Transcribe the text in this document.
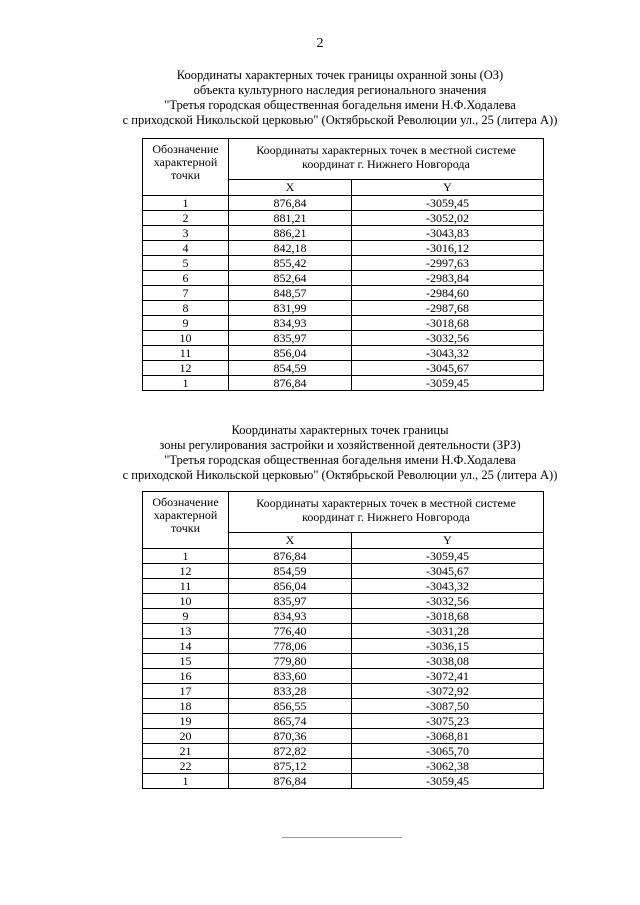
2
Координаты характерных точек границы охранной зоны (ОЗ)
объекта культурного наследия регионального значения
"Третья городская общественная богадельня имени Н.Ф.Ходалева
с приходской Никольской церковью" (Октябрьской Революции ул., 25 (литера А))
Обозначение характерной точки	Координаты характерных точек в местной системе координат г. Нижнего Новгорода	
	X	Y
1	876,84	-3059,45
2	881,21	-3052,02
3	886,21	-3043,83
4	842,18	-3016,12
5	855,42	-2997,63
6	852,64	-2983,84
7	848,57	-2984,60
8	831,99	-2987,68
9	834,93	-3018,68
10	835,97	-3032,56
11	856,04	-3043,32
12	854,59	-3045,67
1	876,84	-3059,45
Координаты характерных точек границы
зоны регулирования застройки и хозяйственной деятельности (ЗРЗ)
"Третья городская общественная богадельня имени Н.Ф.Ходалева
с приходской Никольской церковью" (Октябрьской Революции ул., 25 (литера А))
Обозначение характерной точки	Координаты характерных точек в местной системе координат г. Нижнего Новгорода	
	X	Y
1	876,84	-3059,45
12	854,59	-3045,67
11	856,04	-3043,32
10	835,97	-3032,56
9	834,93	-3018,68
13	776,40	-3031,28
14	778,06	-3036,15
15	779,80	-3038,08
16	833,60	-3072,41
17	833,28	-3072,92
18	856,55	-3087,50
19	865,74	-3075,23
20	870,36	-3068,81
21	872,82	-3065,70
22	875,12	-3062,38
1	876,84	-3059,45
